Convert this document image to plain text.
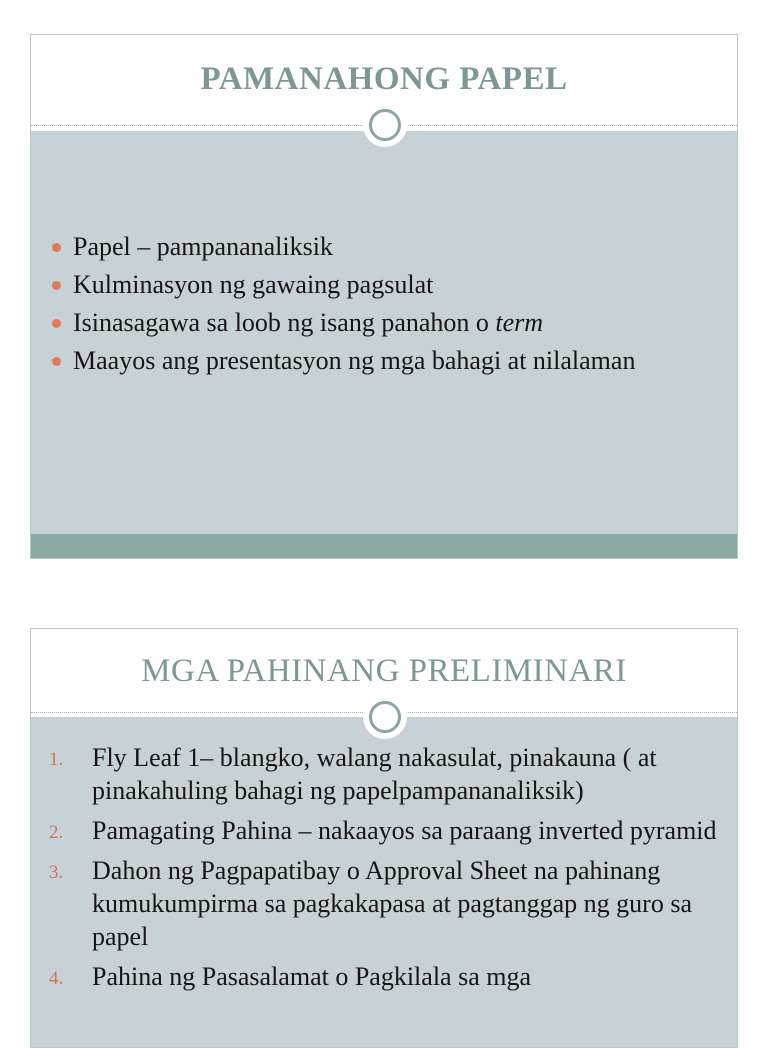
PAMANAHONG PAPEL
Papel – pampananaliksik
Kulminasyon ng gawaing pagsulat
Isinasagawa sa loob ng isang panahon o term
Maayos ang presentasyon ng mga bahagi at nilalaman
MGA PAHINANG PRELIMINARI
1. Fly Leaf 1– blangko, walang nakasulat, pinakauna ( at pinakahuling bahagi ng papelpampananaliksik)
2. Pamagating Pahina – nakaayos sa paraang inverted pyramid
3. Dahon ng Pagpapatibay o Approval Sheet na pahinang kumukumpirma sa pagkakapasa at pagtanggap ng guro sa papel
4. Pahina ng Pasasalamat o Pagkilala sa mga
